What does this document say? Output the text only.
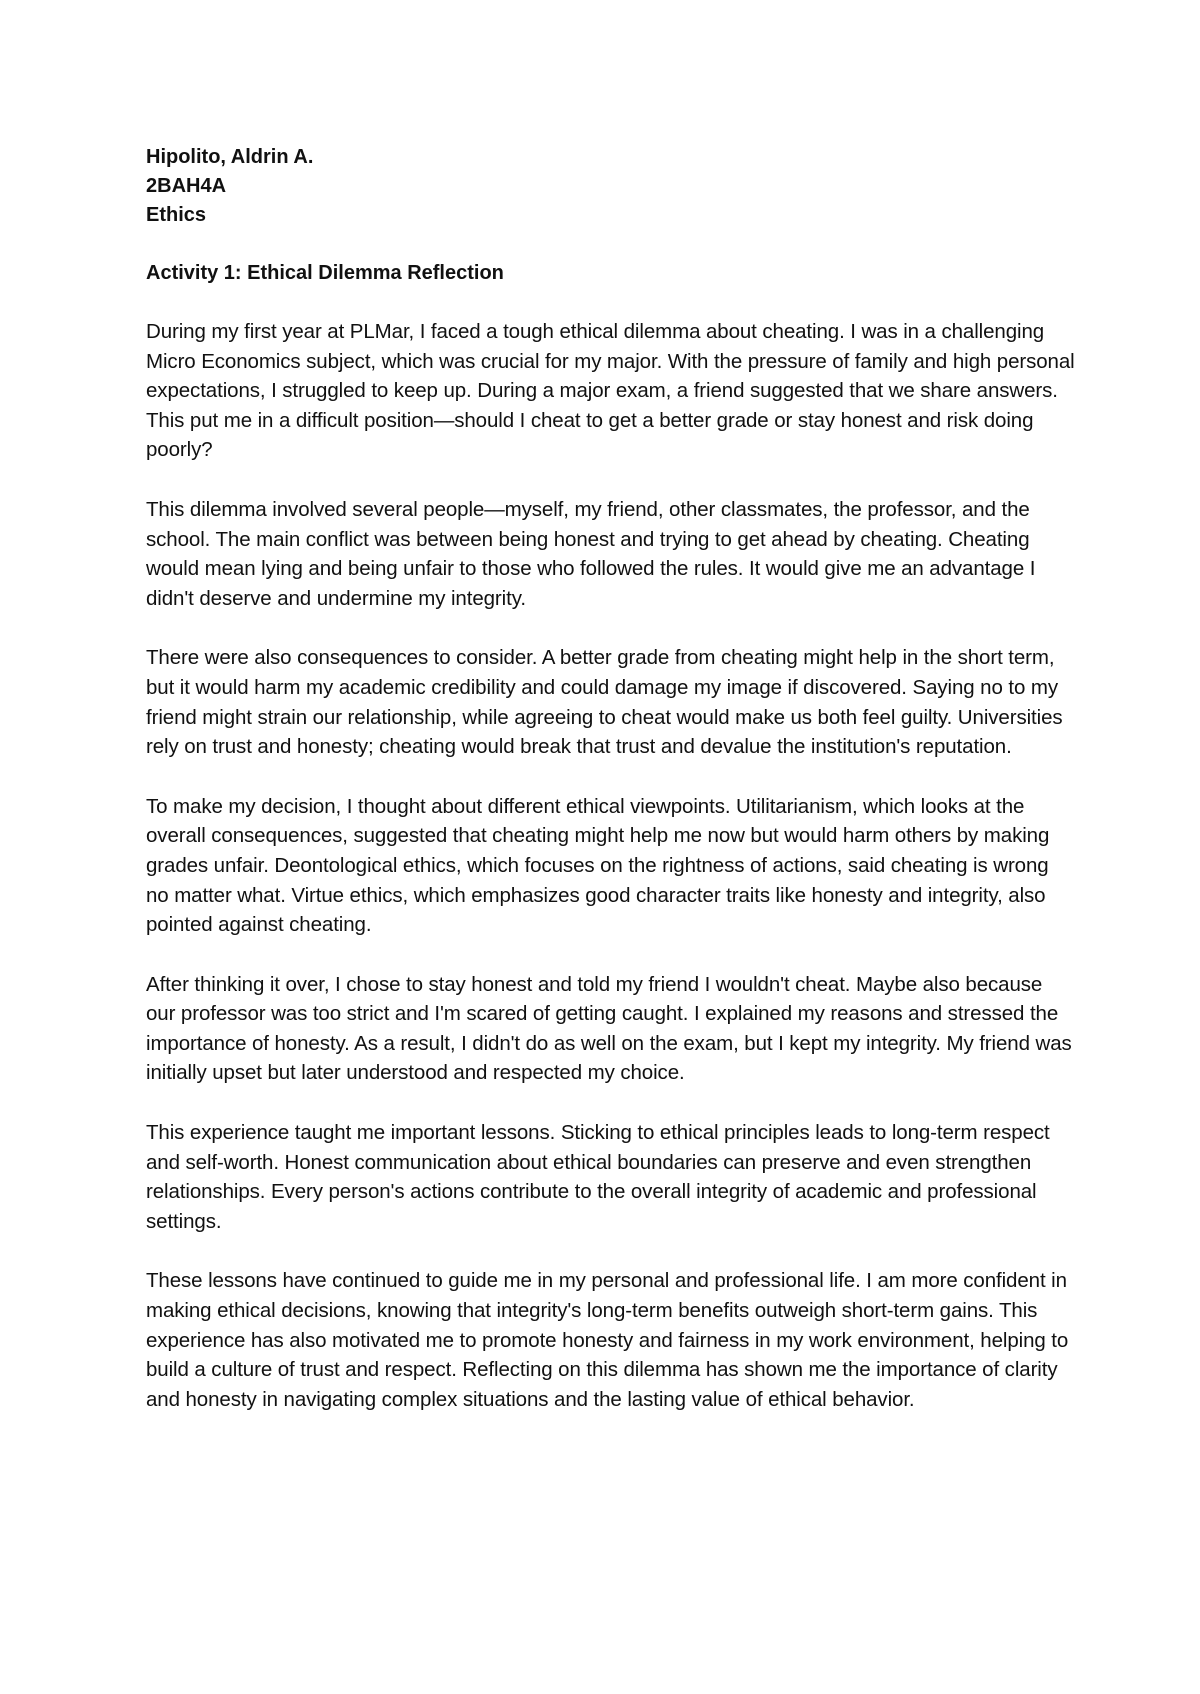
Hipolito, Aldrin A.

2BAH4A

Ethics

Activity 1: Ethical Dilemma Reflection

During my first year at PLMar, I faced a tough ethical dilemma about cheating. I was in a challenging Micro Economics subject, which was crucial for my major. With the pressure of family and high personal expectations, I struggled to keep up. During a major exam, a friend suggested that we share answers. This put me in a difficult position—should I cheat to get a better grade or stay honest and risk doing poorly?

This dilemma involved several people—myself, my friend, other classmates, the professor, and the school. The main conflict was between being honest and trying to get ahead by cheating. Cheating would mean lying and being unfair to those who followed the rules. It would give me an advantage I didn't deserve and undermine my integrity.

There were also consequences to consider. A better grade from cheating might help in the short term, but it would harm my academic credibility and could damage my image if discovered. Saying no to my friend might strain our relationship, while agreeing to cheat would make us both feel guilty. Universities rely on trust and honesty; cheating would break that trust and devalue the institution's reputation.

To make my decision, I thought about different ethical viewpoints. Utilitarianism, which looks at the overall consequences, suggested that cheating might help me now but would harm others by making grades unfair. Deontological ethics, which focuses on the rightness of actions, said cheating is wrong no matter what. Virtue ethics, which emphasizes good character traits like honesty and integrity, also pointed against cheating.

After thinking it over, I chose to stay honest and told my friend I wouldn't cheat. Maybe also because our professor was too strict and I'm scared of getting caught. I explained my reasons and stressed the importance of honesty. As a result, I didn't do as well on the exam, but I kept my integrity. My friend was initially upset but later understood and respected my choice.

This experience taught me important lessons. Sticking to ethical principles leads to long-term respect and self-worth. Honest communication about ethical boundaries can preserve and even strengthen relationships. Every person's actions contribute to the overall integrity of academic and professional settings.

These lessons have continued to guide me in my personal and professional life. I am more confident in making ethical decisions, knowing that integrity's long-term benefits outweigh short-term gains. This experience has also motivated me to promote honesty and fairness in my work environment, helping to build a culture of trust and respect. Reflecting on this dilemma has shown me the importance of clarity and honesty in navigating complex situations and the lasting value of ethical behavior.
